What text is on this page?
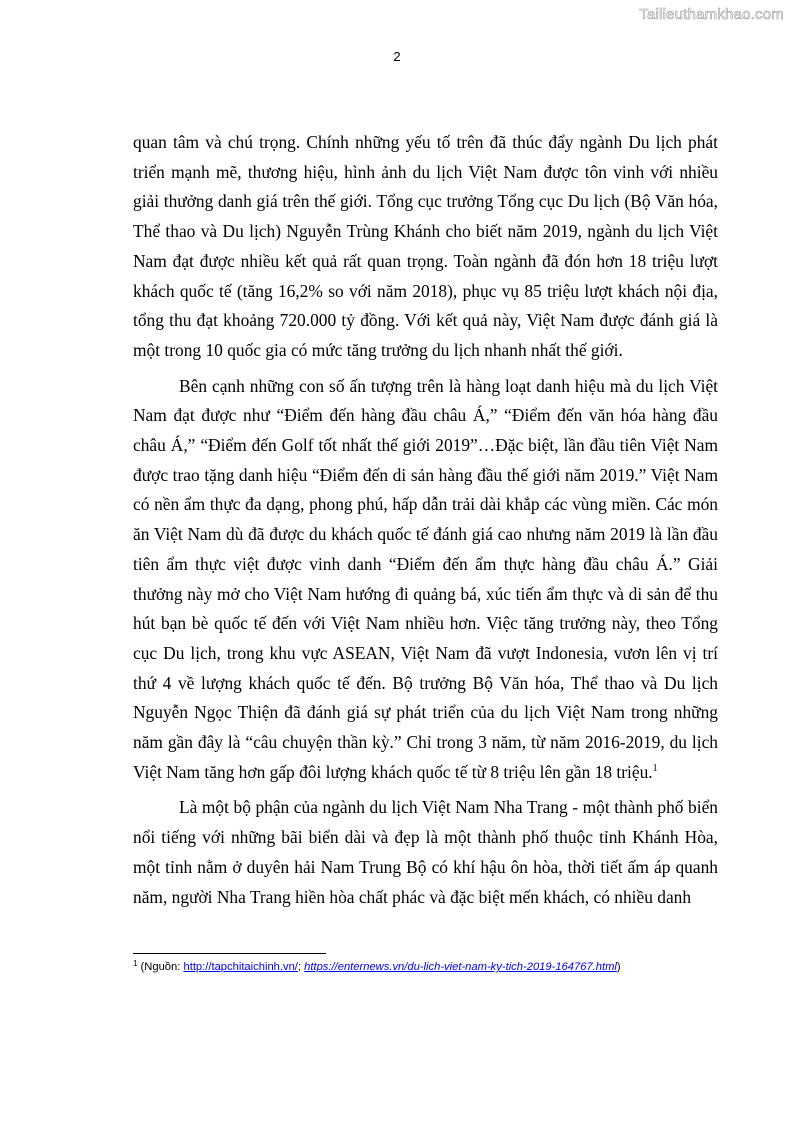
Tailieuthamkhao.com
2

quan tâm và chú trọng. Chính những yếu tố trên đã thúc đẩy ngành Du lịch phát triển mạnh mẽ, thương hiệu, hình ảnh du lịch Việt Nam được tôn vinh với nhiều giải thưởng danh giá trên thế giới. Tổng cục trưởng Tổng cục Du lịch (Bộ Văn hóa, Thể thao và Du lịch) Nguyễn Trùng Khánh cho biết năm 2019, ngành du lịch Việt Nam đạt được nhiều kết quả rất quan trọng. Toàn ngành đã đón hơn 18 triệu lượt khách quốc tế (tăng 16,2% so với năm 2018), phục vụ 85 triệu lượt khách nội địa, tổng thu đạt khoảng 720.000 tỷ đồng. Với kết quả này, Việt Nam được đánh giá là một trong 10 quốc gia có mức tăng trưởng du lịch nhanh nhất thế giới.

Bên cạnh những con số ấn tượng trên là hàng loạt danh hiệu mà du lịch Việt Nam đạt được như “Điểm đến hàng đầu châu Á,” “Điểm đến văn hóa hàng đầu châu Á,” “Điểm đến Golf tốt nhất thế giới 2019”…Đặc biệt, lần đầu tiên Việt Nam được trao tặng danh hiệu “Điểm đến di sản hàng đầu thế giới năm 2019.” Việt Nam có nền ẩm thực đa dạng, phong phú, hấp dẫn trải dài khắp các vùng miền. Các món ăn Việt Nam dù đã được du khách quốc tế đánh giá cao nhưng năm 2019 là lần đầu tiên ẩm thực việt được vinh danh “Điểm đến ẩm thực hàng đầu châu Á.” Giải thưởng này mở cho Việt Nam hướng đi quảng bá, xúc tiến ẩm thực và di sản để thu hút bạn bè quốc tế đến với Việt Nam nhiều hơn. Việc tăng trưởng này, theo Tổng cục Du lịch, trong khu vực ASEAN, Việt Nam đã vượt Indonesia, vươn lên vị trí thứ 4 về lượng khách quốc tế đến. Bộ trưởng Bộ Văn hóa, Thể thao và Du lịch Nguyễn Ngọc Thiện đã đánh giá sự phát triển của du lịch Việt Nam trong những năm gần đây là “câu chuyện thần kỳ.” Chỉ trong 3 năm, từ năm 2016-2019, du lịch Việt Nam tăng hơn gấp đôi lượng khách quốc tế từ 8 triệu lên gần 18 triệu.$^1$

Là một bộ phận của ngành du lịch Việt Nam Nha Trang - một thành phố biển nổi tiếng với những bãi biển dài và đẹp là một thành phố thuộc tỉnh Khánh Hòa, một tỉnh nằm ở duyên hải Nam Trung Bộ có khí hậu ôn hòa, thời tiết ấm áp quanh năm, người Nha Trang hiền hòa chất phác và đặc biệt mến khách, có nhiều danh

$^1$ (Nguồn: http://tapchitaichinh.vn/; https://enternews.vn/du-lich-viet-nam-ky-tich-2019-164767.html)
